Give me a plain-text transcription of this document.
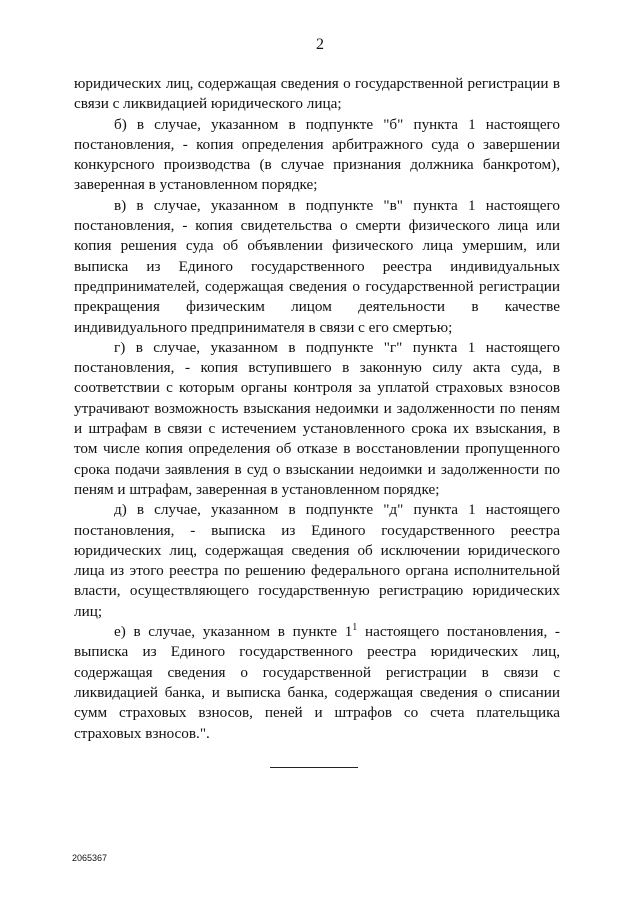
2

юридических лиц, содержащая сведения о государственной регистрации в связи с ликвидацией юридического лица;

б) в случае, указанном в подпункте "б" пункта 1 настоящего постановления, - копия определения арбитражного суда о завершении конкурсного производства (в случае признания должника банкротом), заверенная в установленном порядке;

в) в случае, указанном в подпункте "в" пункта 1 настоящего постановления, - копия свидетельства о смерти физического лица или копия решения суда об объявлении физического лица умершим, или выписка из Единого государственного реестра индивидуальных предпринимателей, содержащая сведения о государственной регистрации прекращения физическим лицом деятельности в качестве индивидуального предпринимателя в связи с его смертью;

г) в случае, указанном в подпункте "г" пункта 1 настоящего постановления, - копия вступившего в законную силу акта суда, в соответствии с которым органы контроля за уплатой страховых взносов утрачивают возможность взыскания недоимки и задолженности по пеням и штрафам в связи с истечением установленного срока их взыскания, в том числе копия определения об отказе в восстановлении пропущенного срока подачи заявления в суд о взыскании недоимки и задолженности по пеням и штрафам, заверенная в установленном порядке;

д) в случае, указанном в подпункте "д" пункта 1 настоящего постановления, - выписка из Единого государственного реестра юридических лиц, содержащая сведения об исключении юридического лица из этого реестра по решению федерального органа исполнительной власти, осуществляющего государственную регистрацию юридических лиц;

е) в случае, указанном в пункте $1^1$ настоящего постановления, - выписка из Единого государственного реестра юридических лиц, содержащая сведения о государственной регистрации в связи с ликвидацией банка, и выписка банка, содержащая сведения о списании сумм страховых взносов, пеней и штрафов со счета плательщика страховых взносов.".

2065367
